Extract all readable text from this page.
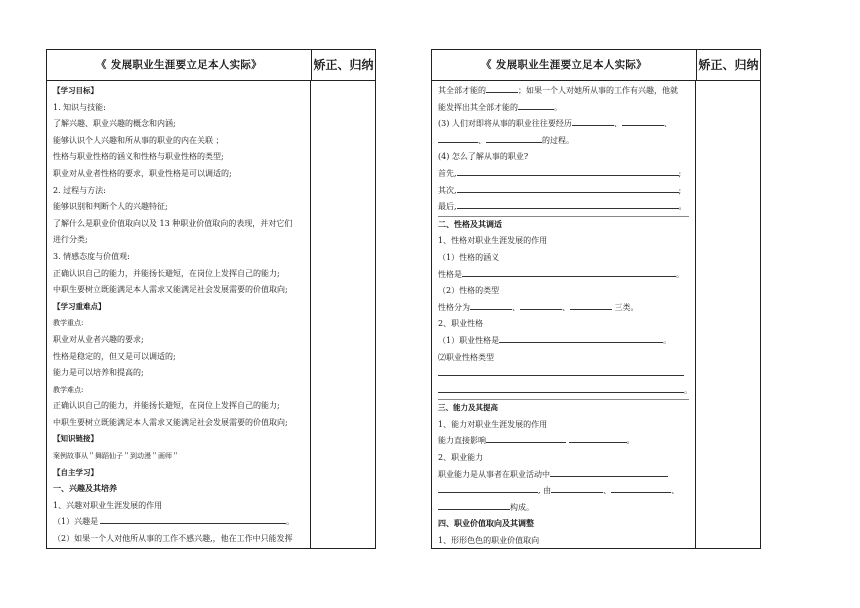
《 发展职业生涯要立足本人实际》	矫正、归纳
【学习目标】
1. 知识与技能:
了解兴趣、职业兴趣的概念和内涵;
能够认识个人兴趣和所从事的职业的内在关联 ；
性格与职业性格的涵义和性格与职业性格的类型;
职业对从业者性格的要求，职业性格是可以调适的;
2. 过程与方法:
能够识别和判断个人的兴趣特征;
了解什么是职业价值取向以及 13 种职业价值取向的表现，并对它们
进行分类;
3. 情感态度与价值观:
正确认识自己的能力，并能扬长避短，在岗位上发挥自己的能力;
中职生要树立既能满足本人需求又能满足社会发展需要的价值取向;
【学习重难点】
教学重点:
职业对从业者兴趣的要求;
性格是稳定的，但又是可以调适的;
能力是可以培养和提高的;
教学难点:
正确认识自己的能力，并能扬长避短，在岗位上发挥自己的能力;
中职生要树立既能满足本人需求又能满足社会发展需要的价值取向;
【知识链接】
案例故事从＂舞蹈仙子＂到动漫＂画师＂
【自主学习】
一、兴趣及其培养
1、兴趣对职业生涯发展的作用
（1）兴趣是	。
（2）如果一个人对他所从事的工作不感兴趣,，他在工作中只能发挥
《 发展职业生涯要立足本人实际》	矫正、归纳
其全部才能的	；如果一个人对她所从事的工作有兴趣，他就
能发挥出其全部才能的	。
(3) 人们对即将从事的职业往往要经历	、	、
、	的过程。
(4) 怎么了解从事的职业?
首先,	;
其次,	;
最后,	。
二、性格及其调适
1、性格对职业生涯发展的作用
（1）性格的涵义
性格是	。
（2）性格的类型
性格分为	、	、	三类。
2、职业性格
（1）职业性格是	。
⑵职业性格类型
。
三、能力及其提高
1、能力对职业生涯发展的作用
能力直接影响	。
2、职业能力
职业能力是从事者在职业活动中
, 由	、	、
构成。
四、职业价值取向及其调整
1、形形色色的职业价值取向
